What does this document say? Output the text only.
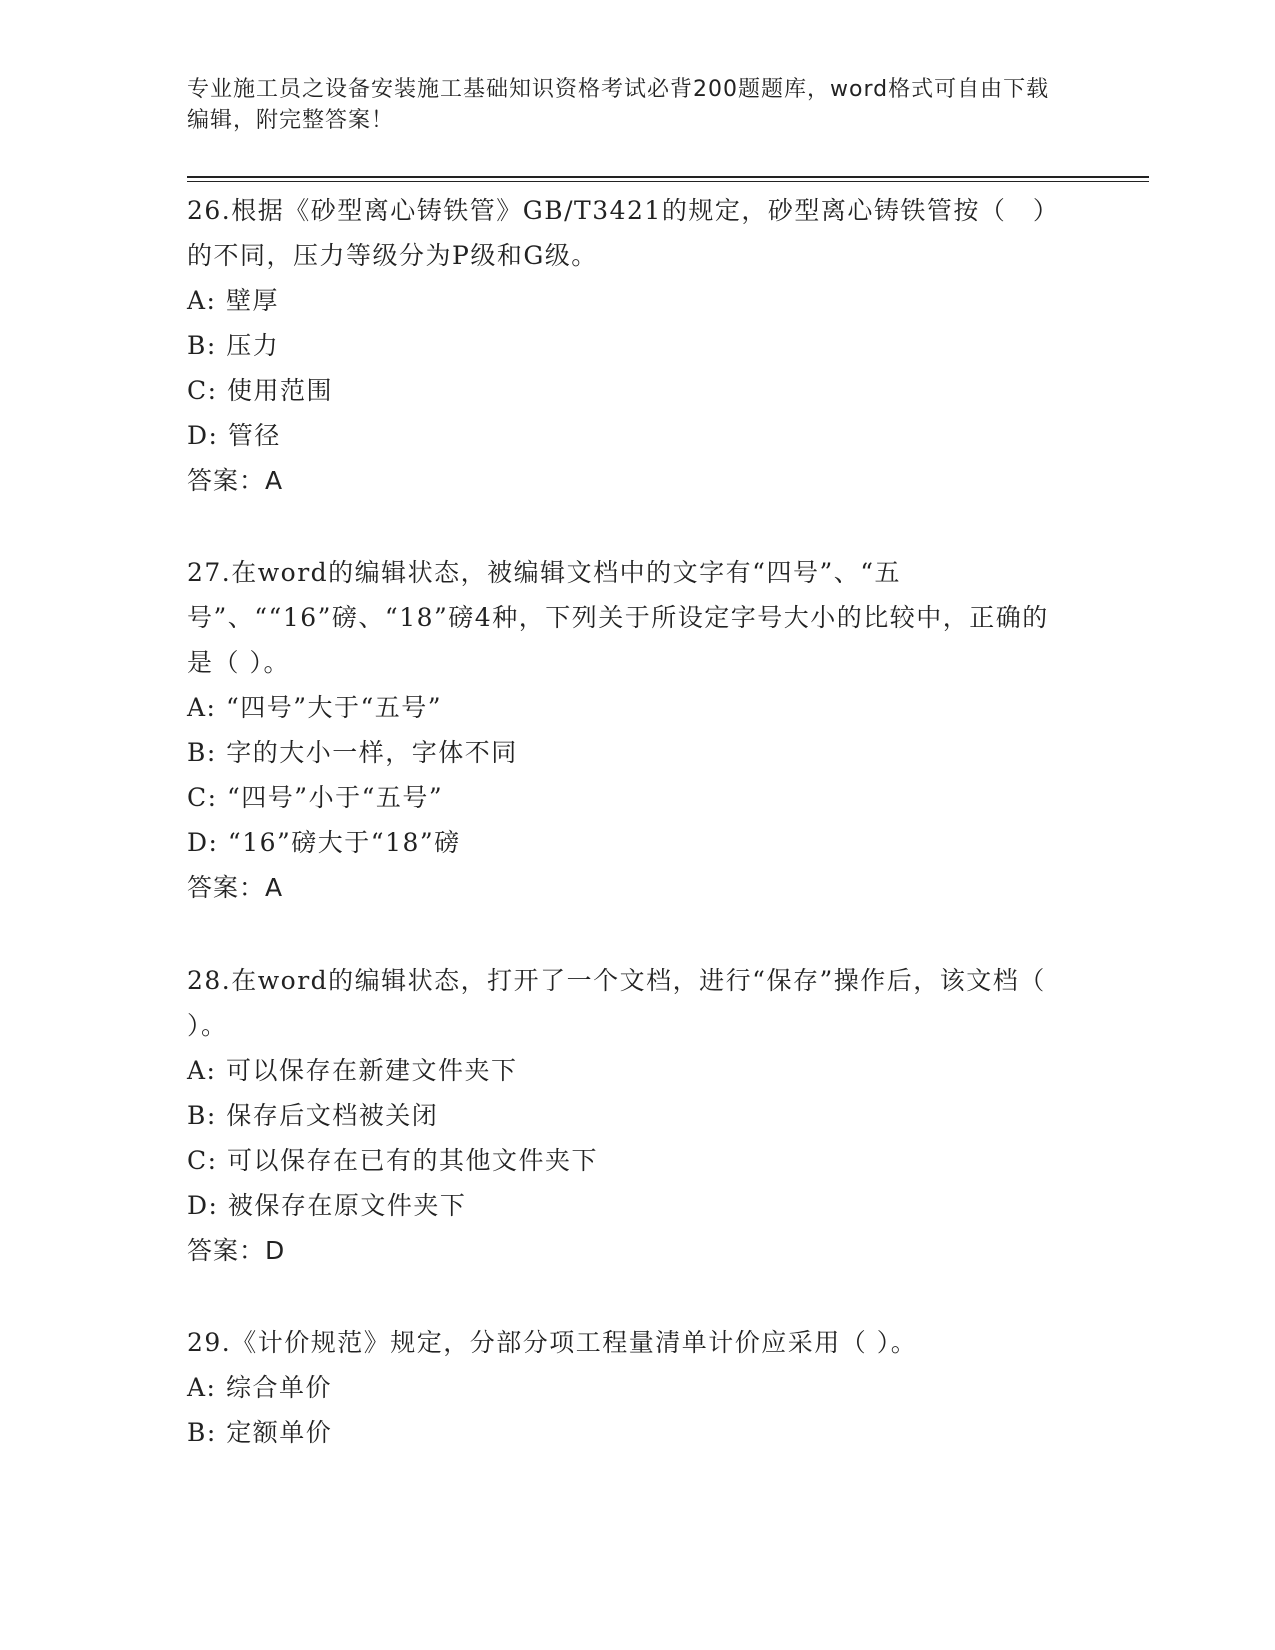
专业施工员之设备安装施工基础知识资格考试必背200题题库，word格式可自由下载编辑，附完整答案！

26.根据《砂型离心铸铁管》GB/T3421的规定，砂型离心铸铁管按（　）的不同，压力等级分为P级和G级。

A: 壁厚

B: 压力

C: 使用范围

D: 管径

答案：A

27.在word的编辑状态，被编辑文档中的文字有“四号”、“五号”、““16”磅、“18”磅4种，下列关于所设定字号大小的比较中，正确的是（ ）。

A: “四号”大于“五号”

B: 字的大小一样，字体不同

C: “四号”小于“五号”

D: “16”磅大于“18”磅

答案：A

28.在word的编辑状态，打开了一个文档，进行“保存”操作后，该文档（ ）。

A: 可以保存在新建文件夹下

B: 保存后文档被关闭

C: 可以保存在已有的其他文件夹下

D: 被保存在原文件夹下

答案：D

29.《计价规范》规定，分部分项工程量清单计价应采用（ ）。

A: 综合单价

B: 定额单价
